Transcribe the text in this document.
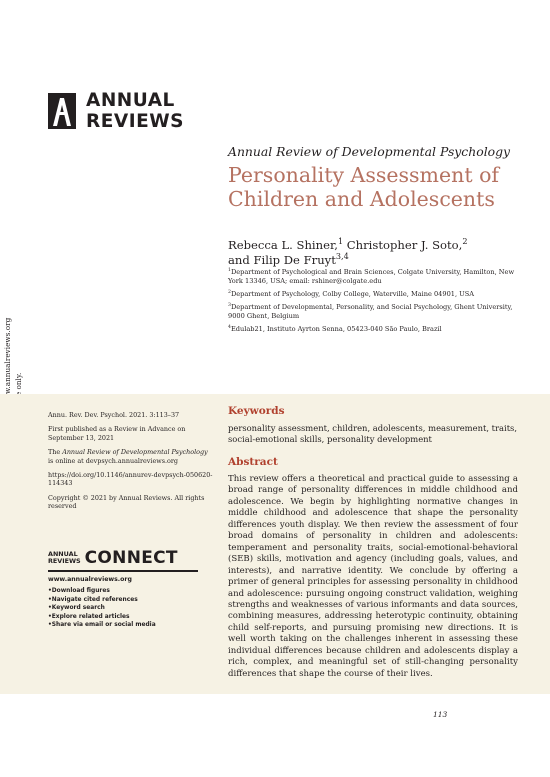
ANNUAL
REVIEWS
Annual Review of Developmental Psychology
Personality Assessment of Children and Adolescents
Rebecca L. Shiner,$^1$ Christopher J. Soto,$^2$
and Filip De Fruyt$^{3,4}$
$^1$Department of Psychological and Brain Sciences, Colgate University, Hamilton, New York 13346, USA; email: rshiner@colgate.edu
$^2$Department of Psychology, Colby College, Waterville, Maine 04901, USA
$^3$Department of Developmental, Personality, and Social Psychology, Ghent University, 9000 Ghent, Belgium
$^4$Edulab21, Instituto Ayrton Senna, 05423-040 São Paulo, Brazil

Annu. Rev. Dev. Psychol. 2021. 3:113–37

First published as a Review in Advance on September 13, 2021

The Annual Review of Developmental Psychology is online at devpsych.annualreviews.org

https://doi.org/10.1146/annurev-devpsych-050620-114343

Copyright © 2021 by Annual Reviews. All rights reserved

Keywords
personality assessment, children, adolescents, measurement, traits, social-emotional skills, personality development
Abstract
This review offers a theoretical and practical guide to assessing a broad range of personality differences in middle childhood and adolescence. We begin by highlighting normative changes in middle childhood and adolescence that shape the personality differences youth display. We then review the assessment of four broad domains of personality in children and adolescents: temperament and personality traits, social-emotional-behavioral (SEB) skills, motivation and agency (including goals, values, and interests), and narrative identity. We conclude by offering a primer of general principles for assessing personality in childhood and adolescence: pursuing ongoing construct validation, weighing strengths and weaknesses of various informants and data sources, combining measures, addressing heterotypic continuity, obtaining child self-reports, and pursuing promising new directions. It is well worth taking on the challenges inherent in assessing these individual differences because children and adolescents display a rich, complex, and meaningful set of still-changing personality differences that shape the course of their lives.
ANNUAL
REVIEWS CONNECT
www.annualreviews.org
• Download figures
• Navigate cited references
• Keyword search
• Explore related articles
• Share via email or social media
113
